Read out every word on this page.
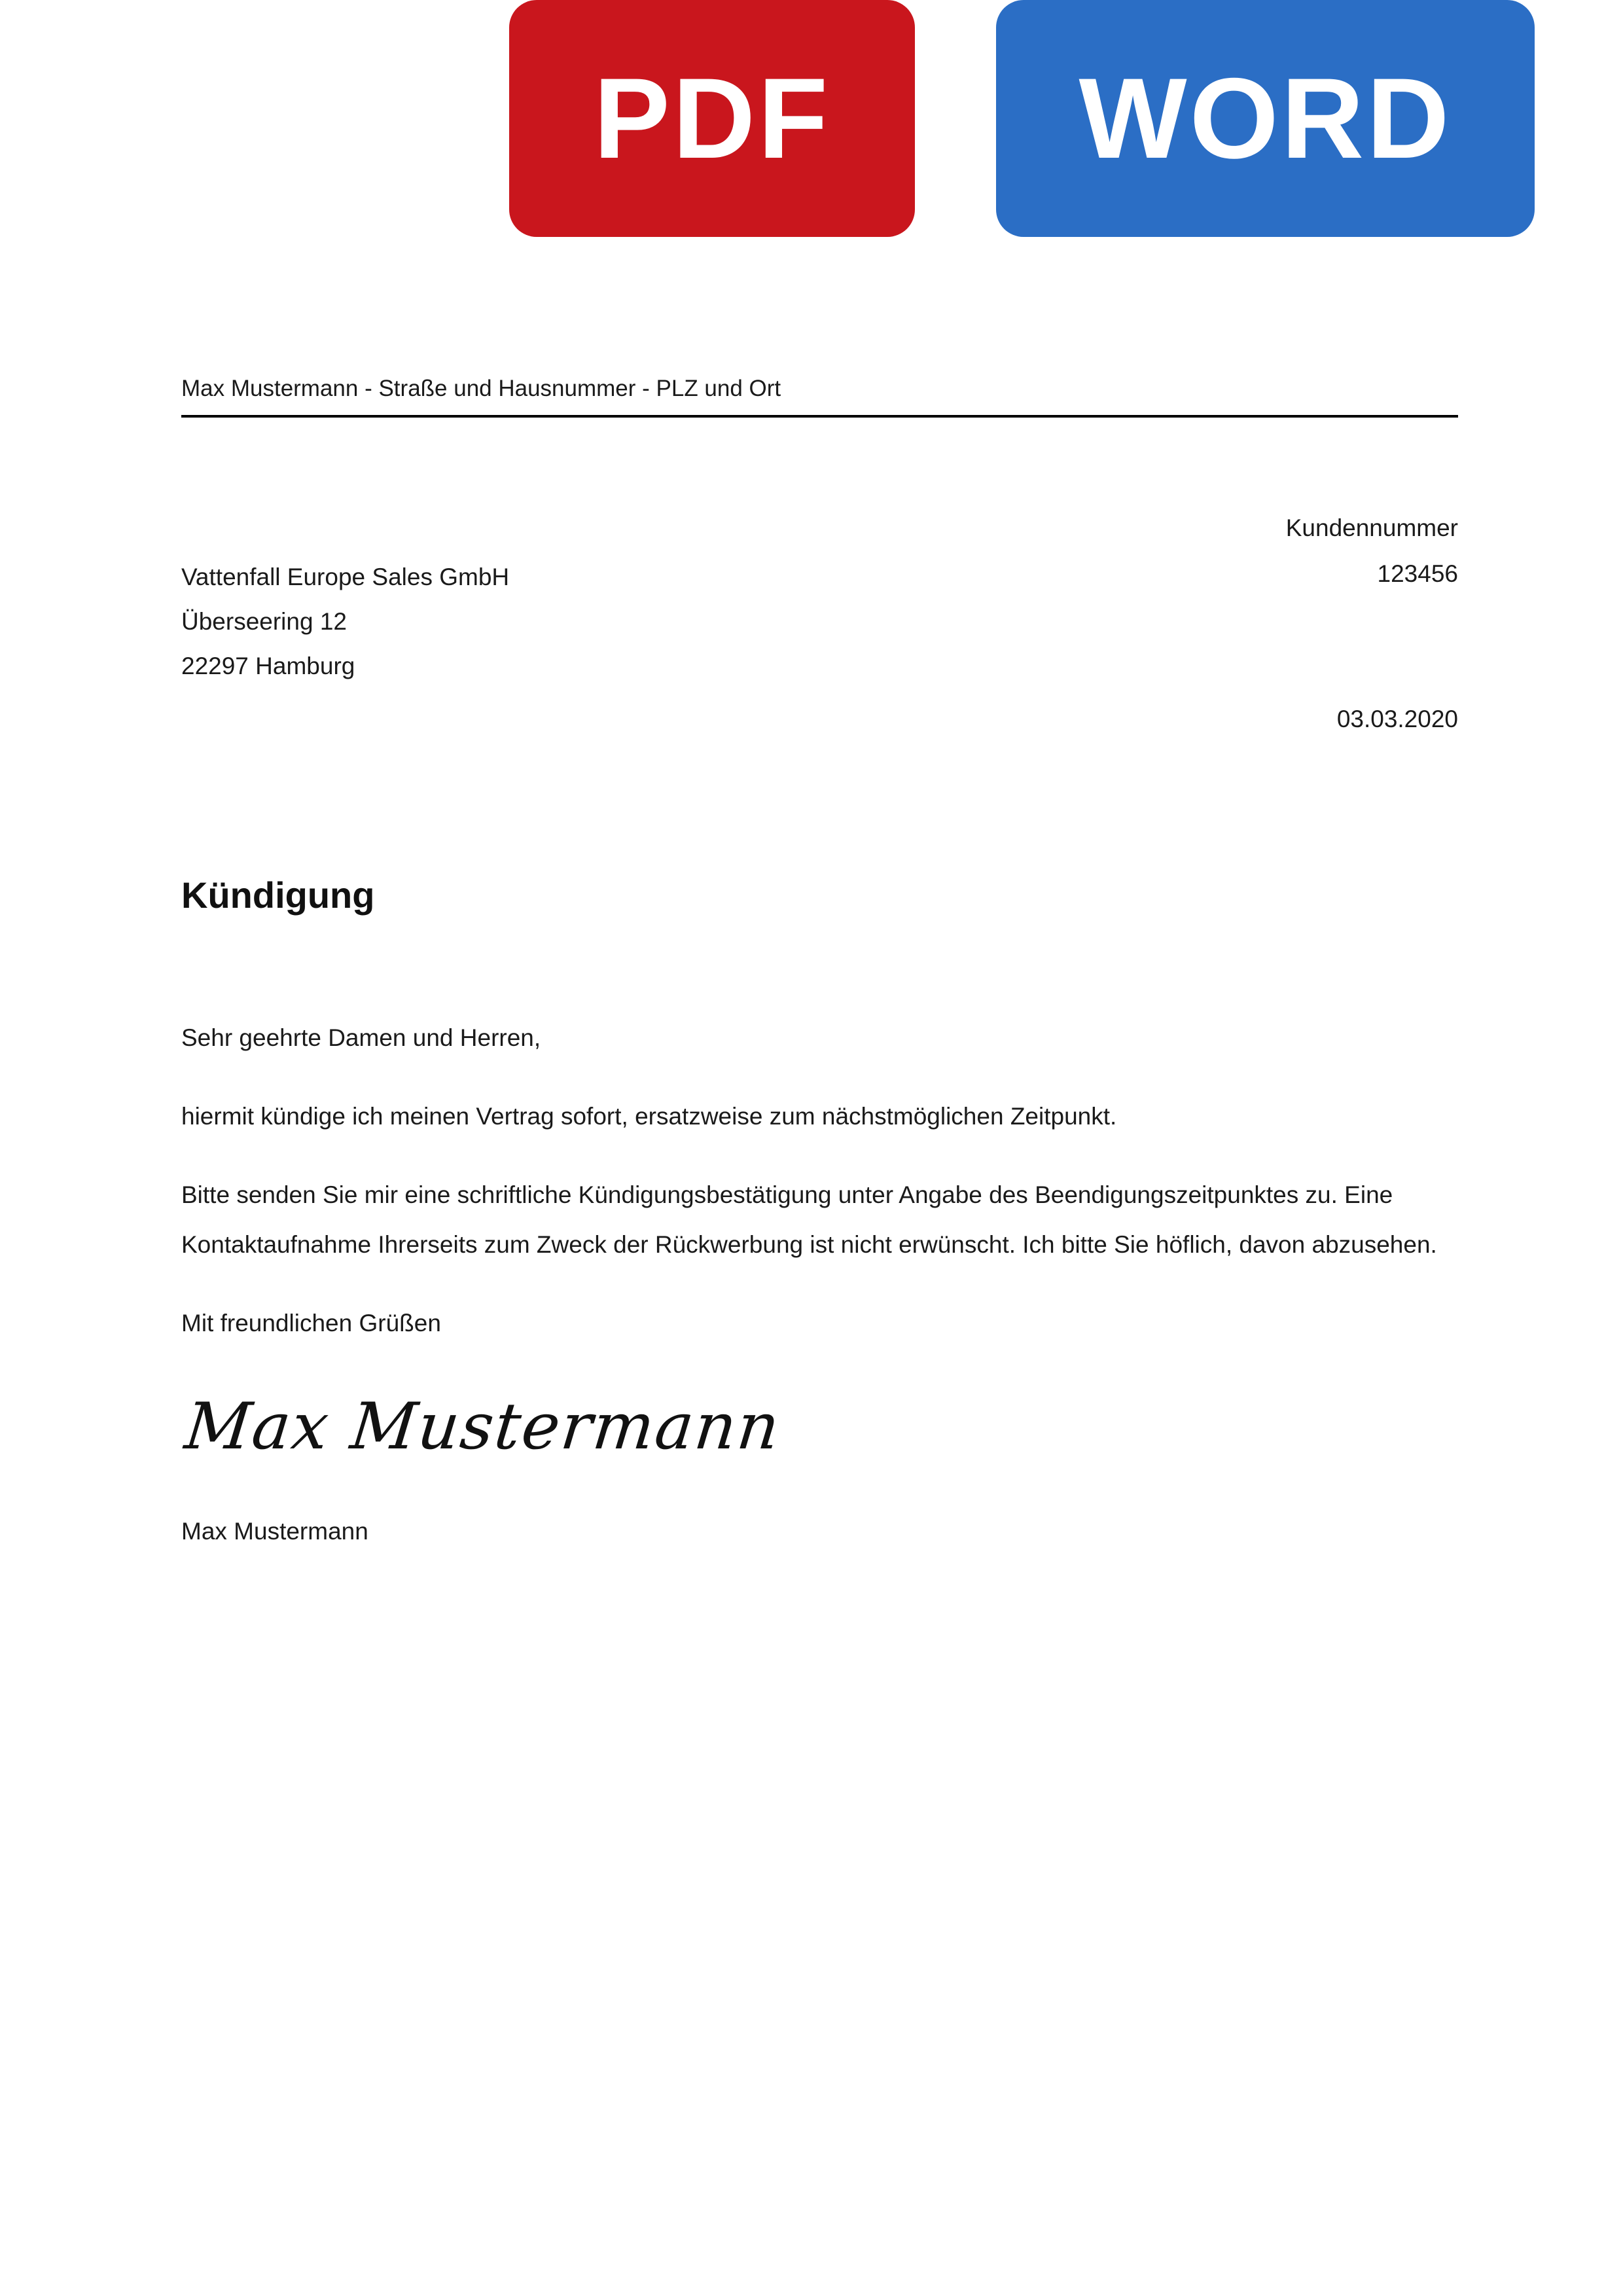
PDF	WORD
Max Mustermann - Straße und Hausnummer - PLZ und Ort
Kundennummer
123456
Vattenfall Europe Sales GmbH
Überseering 12
22297 Hamburg
03.03.2020
Kündigung

Sehr geehrte Damen und Herren,

hiermit kündige ich meinen Vertrag sofort, ersatzweise zum nächstmöglichen Zeitpunkt.

Bitte senden Sie mir eine schriftliche Kündigungsbestätigung unter Angabe des Beendigungszeitpunktes zu. Eine Kontaktaufnahme Ihrerseits zum Zweck der Rückwerbung ist nicht erwünscht. Ich bitte Sie höflich, davon abzusehen.

Mit freundlichen Grüßen

Max Mustermann
Max Mustermann
